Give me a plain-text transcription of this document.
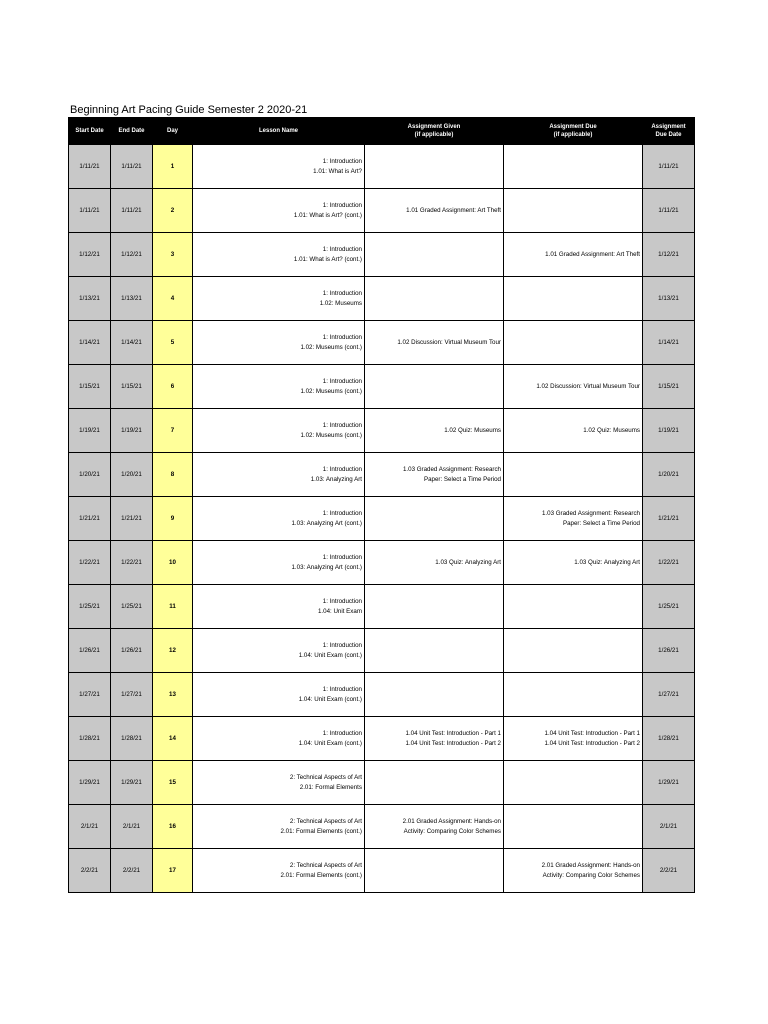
Beginning Art Pacing Guide Semester 2 2020-21
Start Date	End Date	Day	Lesson Name	Assignment Given
(if applicable)	Assignment Due
(if applicable)	Assignment
Due Date
1/11/21	1/11/21	1	1: Introduction
1.01: What is Art?			1/11/21
1/11/21	1/11/21	2	1: Introduction
1.01: What is Art? (cont.)	1.01 Graded Assignment: Art Theft		1/11/21
1/12/21	1/12/21	3	1: Introduction
1.01: What is Art? (cont.)		1.01 Graded Assignment: Art Theft	1/12/21
1/13/21	1/13/21	4	1: Introduction
1.02: Museums			1/13/21
1/14/21	1/14/21	5	1: Introduction
1.02: Museums (cont.)	1.02 Discussion: Virtual Museum Tour		1/14/21
1/15/21	1/15/21	6	1: Introduction
1.02: Museums (cont.)		1.02 Discussion: Virtual Museum Tour	1/15/21
1/19/21	1/19/21	7	1: Introduction
1.02: Museums (cont.)	1.02 Quiz: Museums	1.02 Quiz: Museums	1/19/21
1/20/21	1/20/21	8	1: Introduction
1.03: Analyzing Art	1.03 Graded Assignment: Research
Paper: Select a Time Period		1/20/21
1/21/21	1/21/21	9	1: Introduction
1.03: Analyzing Art (cont.)		1.03 Graded Assignment: Research
Paper: Select a Time Period	1/21/21
1/22/21	1/22/21	10	1: Introduction
1.03: Analyzing Art (cont.)	1.03 Quiz: Analyzing Art	1.03 Quiz: Analyzing Art	1/22/21
1/25/21	1/25/21	11	1: Introduction
1.04: Unit Exam			1/25/21
1/26/21	1/26/21	12	1: Introduction
1.04: Unit Exam (cont.)			1/26/21
1/27/21	1/27/21	13	1: Introduction
1.04: Unit Exam (cont.)			1/27/21
1/28/21	1/28/21	14	1: Introduction
1.04: Unit Exam (cont.)	1.04 Unit Test: Introduction - Part 1
1.04 Unit Test: Introduction - Part 2	1.04 Unit Test: Introduction - Part 1
1.04 Unit Test: Introduction - Part 2	1/28/21
1/29/21	1/29/21	15	2: Technical Aspects of Art
2.01: Formal Elements			1/29/21
2/1/21	2/1/21	16	2: Technical Aspects of Art
2.01: Formal Elements (cont.)	2.01 Graded Assignment: Hands-on
Activity: Comparing Color Schemes		2/1/21
2/2/21	2/2/21	17	2: Technical Aspects of Art
2.01: Formal Elements (cont.)		2.01 Graded Assignment: Hands-on
Activity: Comparing Color Schemes	2/2/21
